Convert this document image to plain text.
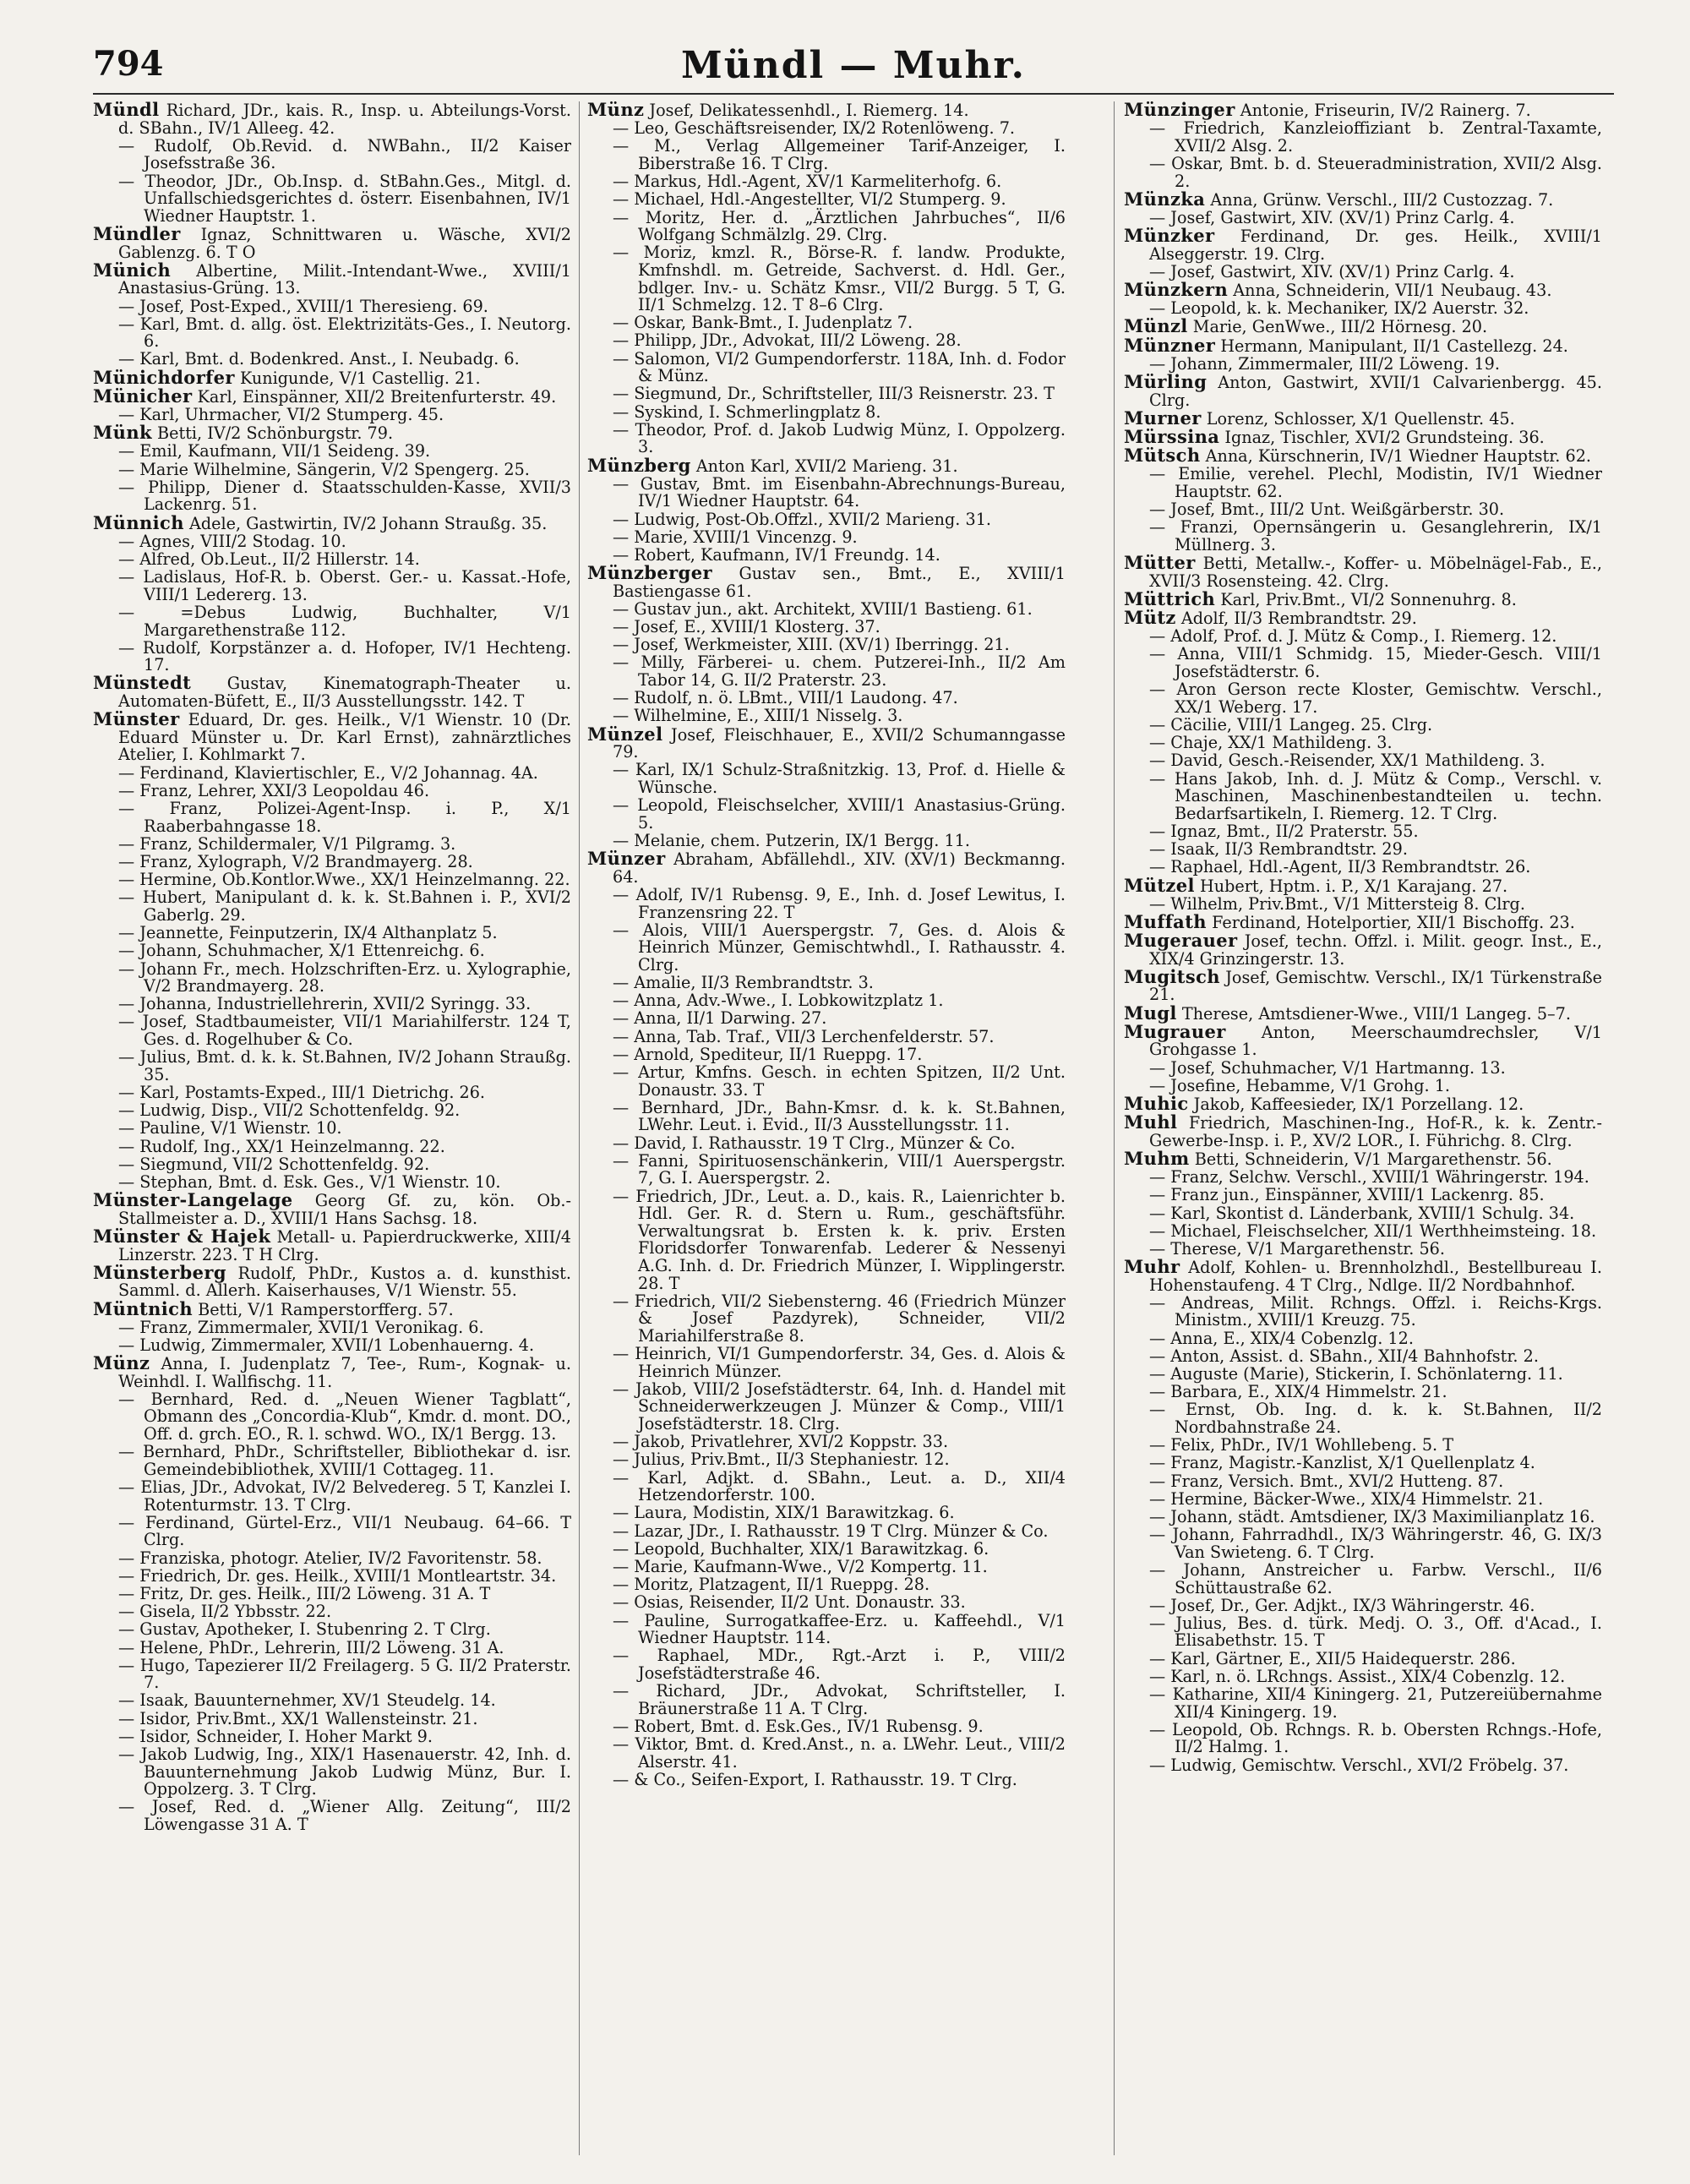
794	Mündl — Muhr.
Mündl Richard, JDr., kais. R., Insp. u. Abteilungs-Vorst. d. SBahn., IV/1 Alleeg. 42.
— Rudolf, Ob.Revid. d. NWBahn., II/2 Kaiser Josefsstraße 36.
— Theodor, JDr., Ob.Insp. d. StBahn.Ges., Mitgl. d. Unfallschiedsgerichtes d. österr. Eisenbahnen, IV/1 Wiedner Hauptstr. 1.
Mündler Ignaz, Schnittwaren u. Wäsche, XVI/2 Gablenzg. 6. T O
Münich Albertine, Milit.-Intendant-Wwe., XVIII/1 Anastasius-Grüng. 13.
— Josef, Post-Exped., XVIII/1 Theresieng. 69.
— Karl, Bmt. d. allg. öst. Elektrizitäts-Ges., I. Neutorg. 6.
— Karl, Bmt. d. Bodenkred. Anst., I. Neubadg. 6.
Münichdorfer Kunigunde, V/1 Castellig. 21.
Münicher Karl, Einspänner, XII/2 Breitenfurterstr. 49.
— Karl, Uhrmacher, VI/2 Stumperg. 45.
Münk Betti, IV/2 Schönburgstr. 79.
— Emil, Kaufmann, VII/1 Seideng. 39.
— Marie Wilhelmine, Sängerin, V/2 Spengerg. 25.
— Philipp, Diener d. Staatsschulden-Kasse, XVII/3 Lackenrg. 51.
Münnich Adele, Gastwirtin, IV/2 Johann Straußg. 35.
— Agnes, VIII/2 Stodag. 10.
— Alfred, Ob.Leut., II/2 Hillerstr. 14.
— Ladislaus, Hof-R. b. Oberst. Ger.- u. Kassat.-Hofe, VIII/1 Ledererg. 13.
— =Debus Ludwig, Buchhalter, V/1 Margarethenstraße 112.
— Rudolf, Korpstänzer a. d. Hofoper, IV/1 Hechteng. 17.
Münstedt Gustav, Kinematograph-Theater u. Automaten-Büfett, E., II/3 Ausstellungsstr. 142. T
Münster Eduard, Dr. ges. Heilk., V/1 Wienstr. 10 (Dr. Eduard Münster u. Dr. Karl Ernst), zahnärztliches Atelier, I. Kohlmarkt 7.
— Ferdinand, Klaviertischler, E., V/2 Johannag. 4A.
— Franz, Lehrer, XXI/3 Leopoldau 46.
— Franz, Polizei-Agent-Insp. i. P., X/1 Raaberbahngasse 18.
— Franz, Schildermaler, V/1 Pilgramg. 3.
— Franz, Xylograph, V/2 Brandmayerg. 28.
— Hermine, Ob.Kontlor.Wwe., XX/1 Heinzelmanng. 22.
— Hubert, Manipulant d. k. k. St.Bahnen i. P., XVI/2 Gaberlg. 29.
— Jeannette, Feinputzerin, IX/4 Althanplatz 5.
— Johann, Schuhmacher, X/1 Ettenreichg. 6.
— Johann Fr., mech. Holzschriften-Erz. u. Xylographie, V/2 Brandmayerg. 28.
— Johanna, Industriellehrerin, XVII/2 Syringg. 33.
— Josef, Stadtbaumeister, VII/1 Mariahilferstr. 124 T, Ges. d. Rogelhuber & Co.
— Julius, Bmt. d. k. k. St.Bahnen, IV/2 Johann Straußg. 35.
— Karl, Postamts-Exped., III/1 Dietrichg. 26.
— Ludwig, Disp., VII/2 Schottenfeldg. 92.
— Pauline, V/1 Wienstr. 10.
— Rudolf, Ing., XX/1 Heinzelmanng. 22.
— Siegmund, VII/2 Schottenfeldg. 92.
— Stephan, Bmt. d. Esk. Ges., V/1 Wienstr. 10.
Münster-Langelage Georg Gf. zu, kön. Ob.-Stallmeister a. D., XVIII/1 Hans Sachsg. 18.
Münster & Hajek Metall- u. Papierdruckwerke, XIII/4 Linzerstr. 223. T H Clrg.
Münsterberg Rudolf, PhDr., Kustos a. d. kunsthist. Samml. d. Allerh. Kaiserhauses, V/1 Wienstr. 55.
Müntnich Betti, V/1 Ramperstorfferg. 57.
— Franz, Zimmermaler, XVII/1 Veronikag. 6.
— Ludwig, Zimmermaler, XVII/1 Lobenhauerng. 4.
Münz Anna, I. Judenplatz 7, Tee-, Rum-, Kognak- u. Weinhdl. I. Wallfischg. 11.
— Bernhard, Red. d. „Neuen Wiener Tagblatt“, Obmann des „Concordia-Klub“, Kmdr. d. mont. DO., Off. d. grch. EO., R. l. schwd. WO., IX/1 Bergg. 13.
— Bernhard, PhDr., Schriftsteller, Bibliothekar d. isr. Gemeindebibliothek, XVIII/1 Cottageg. 11.
— Elias, JDr., Advokat, IV/2 Belvedereg. 5 T, Kanzlei I. Rotenturmstr. 13. T Clrg.
— Ferdinand, Gürtel-Erz., VII/1 Neubaug. 64–66. T Clrg.
— Franziska, photogr. Atelier, IV/2 Favoritenstr. 58.
— Friedrich, Dr. ges. Heilk., XVIII/1 Montleartstr. 34.
— Fritz, Dr. ges. Heilk., III/2 Löweng. 31 A. T
— Gisela, II/2 Ybbsstr. 22.
— Gustav, Apotheker, I. Stubenring 2. T Clrg.
— Helene, PhDr., Lehrerin, III/2 Löweng. 31 A.
— Hugo, Tapezierer II/2 Freilagerg. 5 G. II/2 Praterstr. 7.
— Isaak, Bauunternehmer, XV/1 Steudelg. 14.
— Isidor, Priv.Bmt., XX/1 Wallensteinstr. 21.
— Isidor, Schneider, I. Hoher Markt 9.
— Jakob Ludwig, Ing., XIX/1 Hasenauerstr. 42, Inh. d. Bauunternehmung Jakob Ludwig Münz, Bur. I. Oppolzerg. 3. T Clrg.
— Josef, Red. d. „Wiener Allg. Zeitung“, III/2 Löwengasse 31 A. T
Münz Josef, Delikatessenhdl., I. Riemerg. 14.
— Leo, Geschäftsreisender, IX/2 Rotenlöweng. 7.
— M., Verlag Allgemeiner Tarif-Anzeiger, I. Biberstraße 16. T Clrg.
— Markus, Hdl.-Agent, XV/1 Karmeliterhofg. 6.
— Michael, Hdl.-Angestellter, VI/2 Stumperg. 9.
— Moritz, Her. d. „Ärztlichen Jahrbuches“, II/6 Wolfgang Schmälzlg. 29. Clrg.
— Moriz, kmzl. R., Börse-R. f. landw. Produkte, Kmfnshdl. m. Getreide, Sachverst. d. Hdl. Ger., bdlger. Inv.- u. Schätz Kmsr., VII/2 Burgg. 5 T, G. II/1 Schmelzg. 12. T 8–6 Clrg.
— Oskar, Bank-Bmt., I. Judenplatz 7.
— Philipp, JDr., Advokat, III/2 Löweng. 28.
— Salomon, VI/2 Gumpendorferstr. 118A, Inh. d. Fodor & Münz.
— Siegmund, Dr., Schriftsteller, III/3 Reisnerstr. 23. T
— Syskind, I. Schmerlingplatz 8.
— Theodor, Prof. d. Jakob Ludwig Münz, I. Oppolzerg. 3.
Münzberg Anton Karl, XVII/2 Marieng. 31.
— Gustav, Bmt. im Eisenbahn-Abrechnungs-Bureau, IV/1 Wiedner Hauptstr. 64.
— Ludwig, Post-Ob.Offzl., XVII/2 Marieng. 31.
— Marie, XVIII/1 Vincenzg. 9.
— Robert, Kaufmann, IV/1 Freundg. 14.
Münzberger Gustav sen., Bmt., E., XVIII/1 Bastiengasse 61.
— Gustav jun., akt. Architekt, XVIII/1 Bastieng. 61.
— Josef, E., XVIII/1 Klosterg. 37.
— Josef, Werkmeister, XIII. (XV/1) Iberringg. 21.
— Milly, Färberei- u. chem. Putzerei-Inh., II/2 Am Tabor 14, G. II/2 Praterstr. 23.
— Rudolf, n. ö. LBmt., VIII/1 Laudong. 47.
— Wilhelmine, E., XIII/1 Nisselg. 3.
Münzel Josef, Fleischhauer, E., XVII/2 Schumanngasse 79.
— Karl, IX/1 Schulz-Straßnitzkig. 13, Prof. d. Hielle & Wünsche.
— Leopold, Fleischselcher, XVIII/1 Anastasius-Grüng. 5.
— Melanie, chem. Putzerin, IX/1 Bergg. 11.
Münzer Abraham, Abfällehdl., XIV. (XV/1) Beckmanng. 64.
— Adolf, IV/1 Rubensg. 9, E., Inh. d. Josef Lewitus, I. Franzensring 22. T
— Alois, VIII/1 Auerspergstr. 7, Ges. d. Alois & Heinrich Münzer, Gemischtwhdl., I. Rathausstr. 4. Clrg.
— Amalie, II/3 Rembrandtstr. 3.
— Anna, Adv.-Wwe., I. Lobkowitzplatz 1.
— Anna, II/1 Darwing. 27.
— Anna, Tab. Traf., VII/3 Lerchenfelderstr. 57.
— Arnold, Spediteur, II/1 Rueppg. 17.
— Artur, Kmfns. Gesch. in echten Spitzen, II/2 Unt. Donaustr. 33. T
— Bernhard, JDr., Bahn-Kmsr. d. k. k. St.Bahnen, LWehr. Leut. i. Evid., II/3 Ausstellungsstr. 11.
— David, I. Rathausstr. 19 T Clrg., Münzer & Co.
— Fanni, Spirituosenschänkerin, VIII/1 Auerspergstr. 7, G. I. Auerspergstr. 2.
— Friedrich, JDr., Leut. a. D., kais. R., Laienrichter b. Hdl. Ger. R. d. Stern u. Rum., geschäftsführ. Verwaltungsrat b. Ersten k. k. priv. Ersten Floridsdorfer Tonwarenfab. Lederer & Nessenyi A.G. Inh. d. Dr. Friedrich Münzer, I. Wipplingerstr. 28. T
— Friedrich, VII/2 Siebensterng. 46 (Friedrich Münzer & Josef Pazdyrek), Schneider, VII/2 Mariahilferstraße 8.
— Heinrich, VI/1 Gumpendorferstr. 34, Ges. d. Alois & Heinrich Münzer.
— Jakob, VIII/2 Josefstädterstr. 64, Inh. d. Handel mit Schneiderwerkzeugen J. Münzer & Comp., VIII/1 Josefstädterstr. 18. Clrg.
— Jakob, Privatlehrer, XVI/2 Koppstr. 33.
— Julius, Priv.Bmt., II/3 Stephaniestr. 12.
— Karl, Adjkt. d. SBahn., Leut. a. D., XII/4 Hetzendorferstr. 100.
— Laura, Modistin, XIX/1 Barawitzkag. 6.
— Lazar, JDr., I. Rathausstr. 19 T Clrg. Münzer & Co.
— Leopold, Buchhalter, XIX/1 Barawitzkag. 6.
— Marie, Kaufmann-Wwe., V/2 Kompertg. 11.
— Moritz, Platzagent, II/1 Rueppg. 28.
— Osias, Reisender, II/2 Unt. Donaustr. 33.
— Pauline, Surrogatkaffee-Erz. u. Kaffeehdl., V/1 Wiedner Hauptstr. 114.
— Raphael, MDr., Rgt.-Arzt i. P., VIII/2 Josefstädterstraße 46.
— Richard, JDr., Advokat, Schriftsteller, I. Bräunerstraße 11 A. T Clrg.
— Robert, Bmt. d. Esk.Ges., IV/1 Rubensg. 9.
— Viktor, Bmt. d. Kred.Anst., n. a. LWehr. Leut., VIII/2 Alserstr. 41.
— & Co., Seifen-Export, I. Rathausstr. 19. T Clrg.
Münzinger Antonie, Friseurin, IV/2 Rainerg. 7.
— Friedrich, Kanzleioffiziant b. Zentral-Taxamte, XVII/2 Alsg. 2.
— Oskar, Bmt. b. d. Steueradministration, XVII/2 Alsg. 2.
Münzka Anna, Grünw. Verschl., III/2 Custozzag. 7.
— Josef, Gastwirt, XIV. (XV/1) Prinz Carlg. 4.
Münzker Ferdinand, Dr. ges. Heilk., XVIII/1 Alseggerstr. 19. Clrg.
— Josef, Gastwirt, XIV. (XV/1) Prinz Carlg. 4.
Münzkern Anna, Schneiderin, VII/1 Neubaug. 43.
— Leopold, k. k. Mechaniker, IX/2 Auerstr. 32.
Münzl Marie, GenWwe., III/2 Hörnesg. 20.
Münzner Hermann, Manipulant, II/1 Castellezg. 24.
— Johann, Zimmermaler, III/2 Löweng. 19.
Mürling Anton, Gastwirt, XVII/1 Calvarienbergg. 45. Clrg.
Murner Lorenz, Schlosser, X/1 Quellenstr. 45.
Mürssina Ignaz, Tischler, XVI/2 Grundsteing. 36.
Mütsch Anna, Kürschnerin, IV/1 Wiedner Hauptstr. 62.
— Emilie, verehel. Plechl, Modistin, IV/1 Wiedner Hauptstr. 62.
— Josef, Bmt., III/2 Unt. Weißgärberstr. 30.
— Franzi, Opernsängerin u. Gesanglehrerin, IX/1 Müllnerg. 3.
Mütter Betti, Metallw.-, Koffer- u. Möbelnägel-Fab., E., XVII/3 Rosensteing. 42. Clrg.
Müttrich Karl, Priv.Bmt., VI/2 Sonnenuhrg. 8.
Mütz Adolf, II/3 Rembrandtstr. 29.
— Adolf, Prof. d. J. Mütz & Comp., I. Riemerg. 12.
— Anna, VIII/1 Schmidg. 15, Mieder-Gesch. VIII/1 Josefstädterstr. 6.
— Aron Gerson recte Kloster, Gemischtw. Verschl., XX/1 Weberg. 17.
— Cäcilie, VIII/1 Langeg. 25. Clrg.
— Chaje, XX/1 Mathildeng. 3.
— David, Gesch.-Reisender, XX/1 Mathildeng. 3.
— Hans Jakob, Inh. d. J. Mütz & Comp., Verschl. v. Maschinen, Maschinenbestandteilen u. techn. Bedarfsartikeln, I. Riemerg. 12. T Clrg.
— Ignaz, Bmt., II/2 Praterstr. 55.
— Isaak, II/3 Rembrandtstr. 29.
— Raphael, Hdl.-Agent, II/3 Rembrandtstr. 26.
Mützel Hubert, Hptm. i. P., X/1 Karajang. 27.
— Wilhelm, Priv.Bmt., V/1 Mittersteig 8. Clrg.
Muffath Ferdinand, Hotelportier, XII/1 Bischoffg. 23.
Mugerauer Josef, techn. Offzl. i. Milit. geogr. Inst., E., XIX/4 Grinzingerstr. 13.
Mugitsch Josef, Gemischtw. Verschl., IX/1 Türkenstraße 21.
Mugl Therese, Amtsdiener-Wwe., VIII/1 Langeg. 5–7.
Mugrauer Anton, Meerschaumdrechsler, V/1 Grohgasse 1.
— Josef, Schuhmacher, V/1 Hartmanng. 13.
— Josefine, Hebamme, V/1 Grohg. 1.
Muhic Jakob, Kaffeesieder, IX/1 Porzellang. 12.
Muhl Friedrich, Maschinen-Ing., Hof-R., k. k. Zentr.-Gewerbe-Insp. i. P., XV/2 LOR., I. Führichg. 8. Clrg.
Muhm Betti, Schneiderin, V/1 Margarethenstr. 56.
— Franz, Selchw. Verschl., XVIII/1 Währingerstr. 194.
— Franz jun., Einspänner, XVIII/1 Lackenrg. 85.
— Karl, Skontist d. Länderbank, XVIII/1 Schulg. 34.
— Michael, Fleischselcher, XII/1 Werthheimsteing. 18.
— Therese, V/1 Margarethenstr. 56.
Muhr Adolf, Kohlen- u. Brennholzhdl., Bestellbureau I. Hohenstaufeng. 4 T Clrg., Ndlge. II/2 Nordbahnhof.
— Andreas, Milit. Rchngs. Offzl. i. Reichs-Krgs. Ministm., XVIII/1 Kreuzg. 75.
— Anna, E., XIX/4 Cobenzlg. 12.
— Anton, Assist. d. SBahn., XII/4 Bahnhofstr. 2.
— Auguste (Marie), Stickerin, I. Schönlaterng. 11.
— Barbara, E., XIX/4 Himmelstr. 21.
— Ernst, Ob. Ing. d. k. k. St.Bahnen, II/2 Nordbahnstraße 24.
— Felix, PhDr., IV/1 Wohllebeng. 5. T
— Franz, Magistr.-Kanzlist, X/1 Quellenplatz 4.
— Franz, Versich. Bmt., XVI/2 Hutteng. 87.
— Hermine, Bäcker-Wwe., XIX/4 Himmelstr. 21.
— Johann, städt. Amtsdiener, IX/3 Maximilianplatz 16.
— Johann, Fahrradhdl., IX/3 Währingerstr. 46, G. IX/3 Van Swieteng. 6. T Clrg.
— Johann, Anstreicher u. Farbw. Verschl., II/6 Schüttaustraße 62.
— Josef, Dr., Ger. Adjkt., IX/3 Währingerstr. 46.
— Julius, Bes. d. türk. Medj. O. 3., Off. d'Acad., I. Elisabethstr. 15. T
— Karl, Gärtner, E., XII/5 Haidequerstr. 286.
— Karl, n. ö. LRchngs. Assist., XIX/4 Cobenzlg. 12.
— Katharine, XII/4 Kiningerg. 21, Putzereiübernahme XII/4 Kiningerg. 19.
— Leopold, Ob. Rchngs. R. b. Obersten Rchngs.-Hofe, II/2 Halmg. 1.
— Ludwig, Gemischtw. Verschl., XVI/2 Fröbelg. 37.
